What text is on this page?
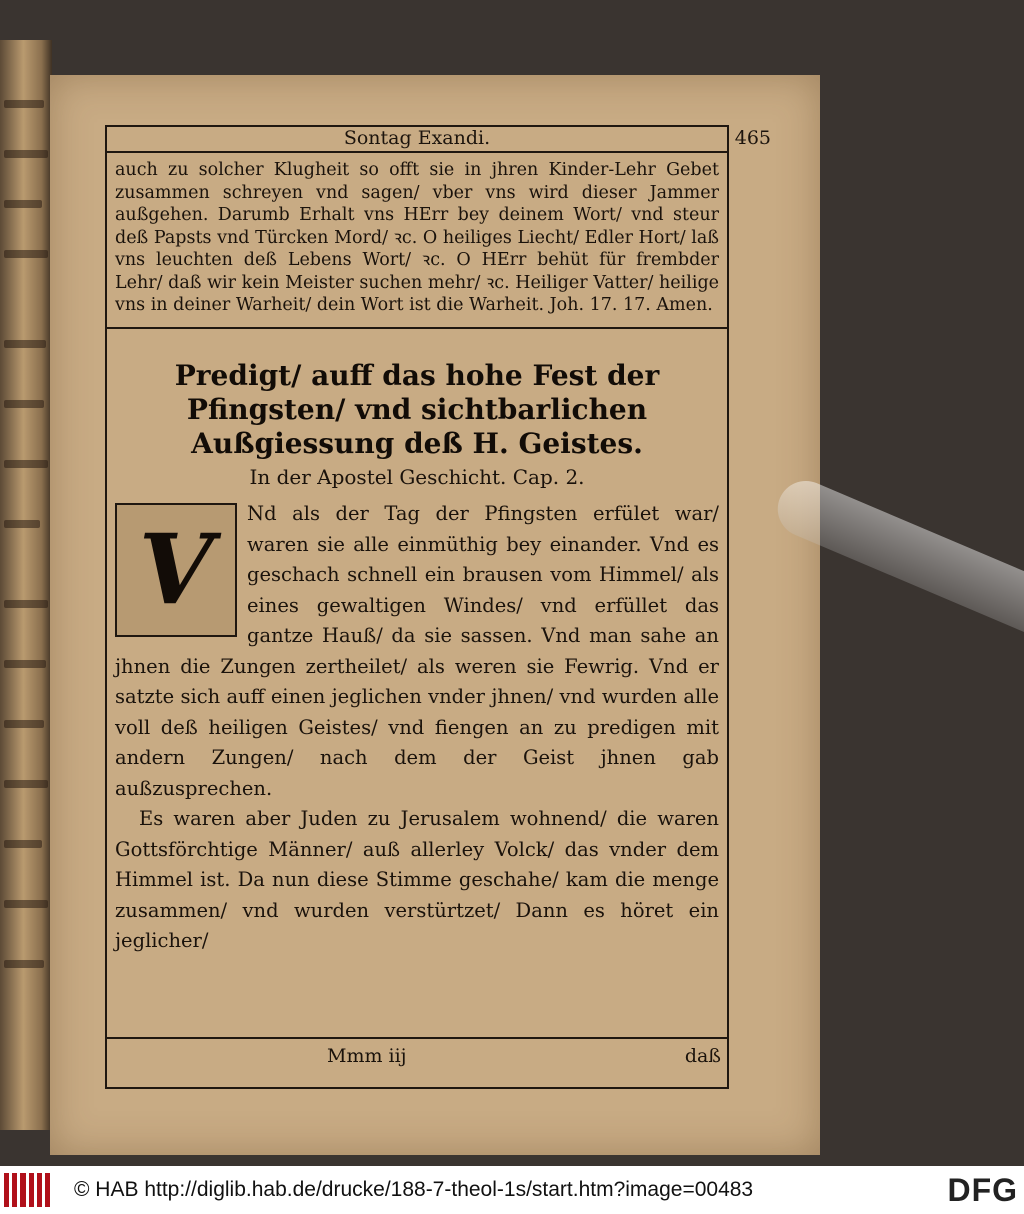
Sontag Exandi.	465
auch zu solcher Klugheit so offt sie in jhren Kinder-Lehr Gebet zusammen schreyen vnd sagen/ vber vns wird dieser Jammer außgehen. Darumb Erhalt vns HErr bey deinem Wort/ vnd steur deß Papsts vnd Türcken Mord/ ꝛc. O heiliges Liecht/ Edler Hort/ laß vns leuchten deß Lebens Wort/ ꝛc. O HErr behüt für frembder Lehr/ daß wir kein Meister suchen mehr/ ꝛc. Heiliger Vatter/ heilige vns in deiner Warheit/ dein Wort ist die Warheit. Joh. 17. 17. Amen.
Predigt/ auff das hohe Fest der Pfingsten/ vnd sichtbarlichen Außgiessung deß H. Geistes.
In der Apostel Geschicht. Cap. 2.
V	Nd als der Tag der Pfingsten erfület war/ waren sie alle einmüthig bey einander. Vnd es geschach schnell ein brausen vom Himmel/ als eines gewaltigen Windes/ vnd erfüllet das gantze Hauß/ da sie sassen. Vnd man sahe an jhnen die Zungen zertheilet/ als weren sie Fewrig. Vnd er satzte sich auff einen jeglichen vnder jhnen/ vnd wurden alle voll deß heiligen Geistes/ vnd fiengen an zu predigen mit andern Zungen/ nach dem der Geist jhnen gab außzusprechen.

Es waren aber Juden zu Jerusalem wohnend/ die waren Gottsförchtige Männer/ auß allerley Volck/ das vnder dem Himmel ist. Da nun diese Stimme geschahe/ kam die menge zusammen/ vnd wurden verstürtzet/ Dann es höret ein jeglicher/

Mmm iij	daß
© HAB http://diglib.hab.de/drucke/188-7-theol-1s/start.htm?image=00483	DFG
